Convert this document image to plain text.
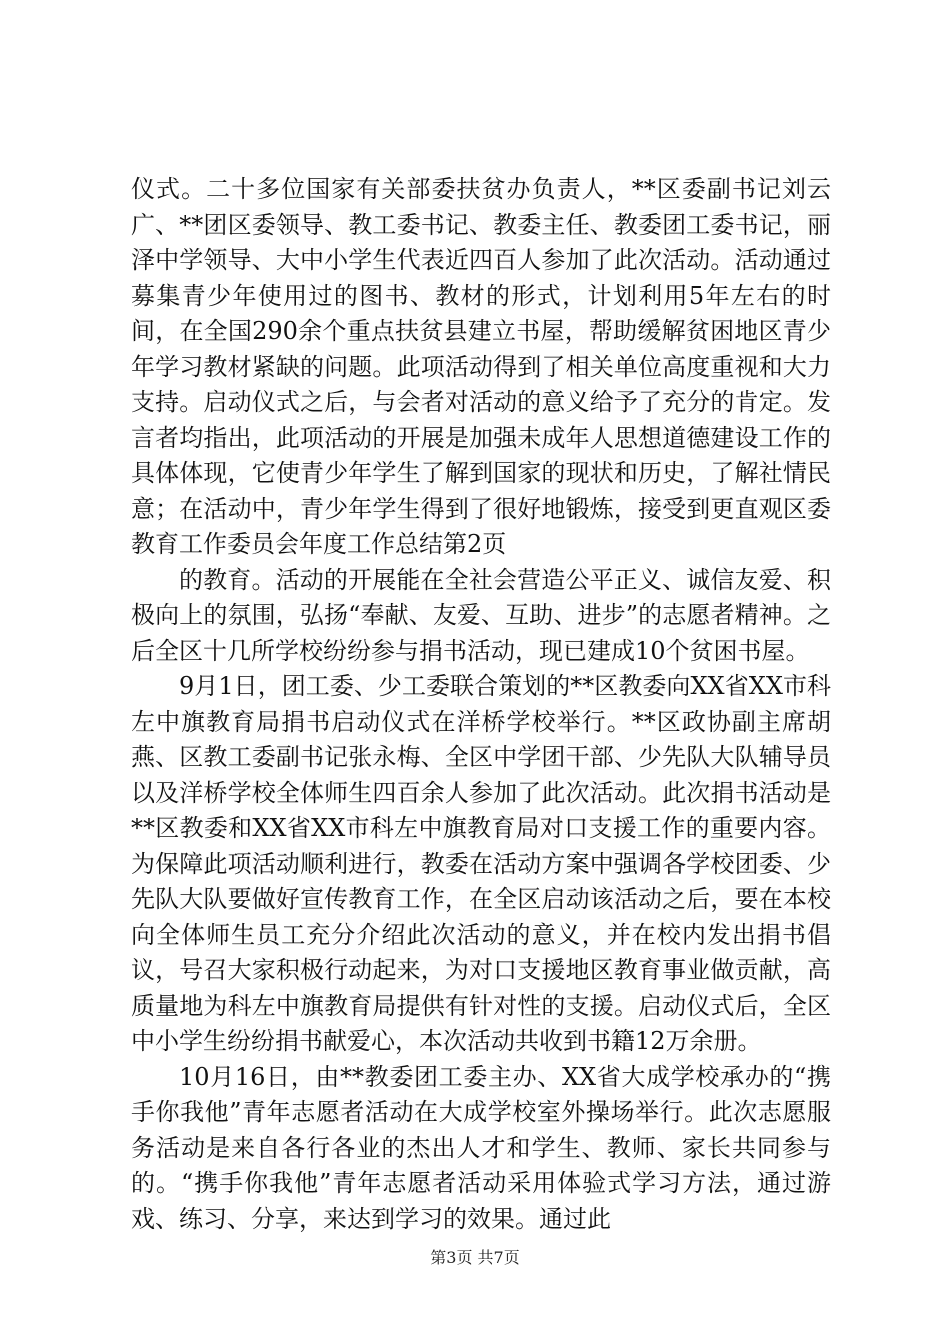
仪式。二十多位国家有关部委扶贫办负责人，**区委副书记刘云广、**团区委领导、教工委书记、教委主任、教委团工委书记，丽泽中学领导、大中小学生代表近四百人参加了此次活动。活动通过募集青少年使用过的图书、教材的形式，计划利用5年左右的时间，在全国290余个重点扶贫县建立书屋，帮助缓解贫困地区青少年学习教材紧缺的问题。此项活动得到了相关单位高度重视和大力支持。启动仪式之后，与会者对活动的意义给予了充分的肯定。发言者均指出，此项活动的开展是加强未成年人思想道德建设工作的具体体现，它使青少年学生了解到国家的现状和历史，了解社情民意；在活动中，青少年学生得到了很好地锻炼，接受到更直观区委教育工作委员会年度工作总结第2页

的教育。活动的开展能在全社会营造公平正义、诚信友爱、积极向上的氛围，弘扬“奉献、友爱、互助、进步”的志愿者精神。之后全区十几所学校纷纷参与捐书活动，现已建成10个贫困书屋。

9月1日，团工委、少工委联合策划的**区教委向XX省XX市科左中旗教育局捐书启动仪式在洋桥学校举行。**区政协副主席胡燕、区教工委副书记张永梅、全区中学团干部、少先队大队辅导员以及洋桥学校全体师生四百余人参加了此次活动。此次捐书活动是**区教委和XX省XX市科左中旗教育局对口支援工作的重要内容。为保障此项活动顺利进行，教委在活动方案中强调各学校团委、少先队大队要做好宣传教育工作，在全区启动该活动之后，要在本校向全体师生员工充分介绍此次活动的意义，并在校内发出捐书倡议，号召大家积极行动起来，为对口支援地区教育事业做贡献，高质量地为科左中旗教育局提供有针对性的支援。启动仪式后，全区中小学生纷纷捐书献爱心，本次活动共收到书籍12万余册。

10月16日，由**教委团工委主办、XX省大成学校承办的“携手你我他”青年志愿者活动在大成学校室外操场举行。此次志愿服务活动是来自各行各业的杰出人才和学生、教师、家长共同参与的。“携手你我他”青年志愿者活动采用体验式学习方法，通过游戏、练习、分享，来达到学习的效果。通过此

第3页 共7页
